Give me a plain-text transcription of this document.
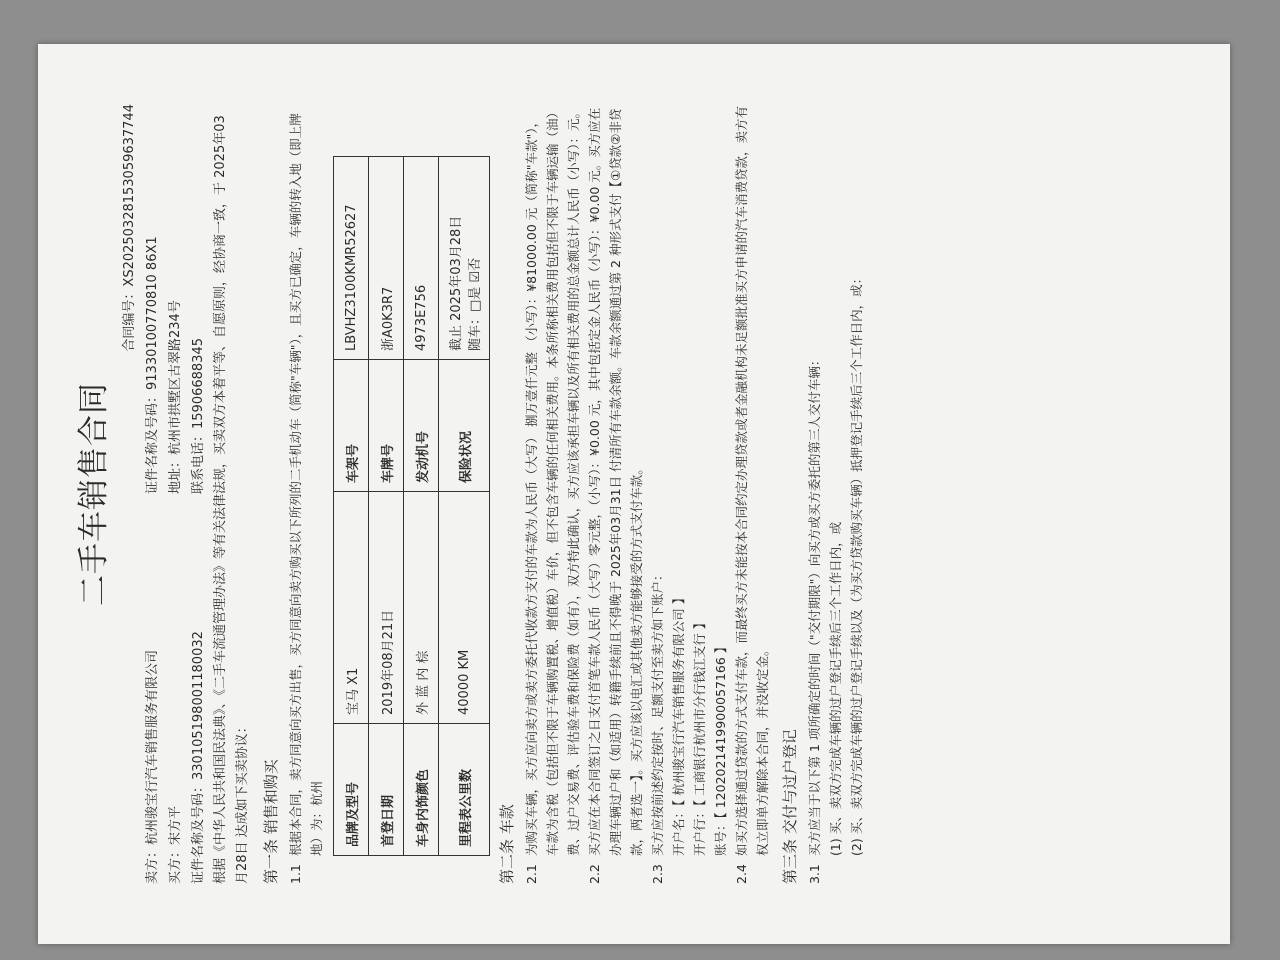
二手车销售合同
合同编号：XS20250328153059637744
卖方：杭州骏宝行汽车销售服务有限公司
证件名称及号码：91330100770810 86X1
买方：宋方平
地址：杭州市拱墅区古翠路234号
证件名称及号码：330105198001180032
联系电话：15906688345 根据《中华人民共和国民法典》、《二手车流通管理办法》等有关法律法规，买卖双方本着平等、自愿原则，经协商一致，于 2025年03月28日 达成如下买卖协议： 第一条 销售和购买 1.1
根据本合同，卖方同意向买方出售，买方同意向卖方购买以下所列的二手机动车（简称"车辆"），且买方已确定，车辆的转入地（即上牌地）为：杭州 品牌及型号	宝马 X1	车架号	LBVHZ3100KMR52627
首登日期	2019年08月21日	车牌号	浙A0K3R7
车身内饰颜色	外 蓝 内 棕	发动机号	4973E756
里程表公里数	40000 KM	保险状况	截止 2025年03月28日 随车：□是 ☑否
第二条 车款 2.1
为购买车辆，买方应向卖方或卖方委托代收款方支付的车款为人民币（大写） 捌万壹仟元整 （小写）：¥81000.00 元（简称"车款"），车款为含税（包括但不限于车辆购置税、增值税）车价，但不包含车辆的任何相关费用。本条所称相关费用包括但不限于车辆运输（油）费、过户交易费、评估验车费和保险费（如有），双方特此确认，买方应该承担车辆以及所有相关费用的总金额总计人民币（小写）：元。
2.2
买方应在本合同签订之日支付首笔车款人民币（大写）零元整，（小写）：¥0.00 元，其中包括定金人民币（小写）：¥0.00 元。买方应在办理车辆过户和（如适用）转籍手续前且不得晚于 2025年03月31日 付清所有车款余额。车款余额通过第 2 种形式支付【①贷款②非贷款，两者选一】。买方应该以电汇或其他卖方能够接受的方式支付车款。
2.3
买方应按前述约定按时、足额支付至卖方如下账户： 开户名：【 杭州骏宝行汽车销售服务有限公司 】 开户行：【 工商银行杭州市分行钱江支行 】 账号：【 1202021419900057166 】
2.4
如买方选择通过贷款的方式支付车款，而最终买方未能按本合同约定办理贷款或者金融机构未足额批准买方申请的汽车消费贷款，卖方有权立即单方解除本合同，并没收定金。 第三条 交付与过户登记 3.1
买方应当于以下第 1 项所确定的时间（"交付期限"）向买方或买方委托的第三人交付车辆： (1) 买、卖双方完成车辆的过户登记手续后三个工作日内，或 (2) 买、卖双方完成车辆的过户登记手续以及（为买方贷款购买车辆）抵押登记手续后三个工作日内，或：
